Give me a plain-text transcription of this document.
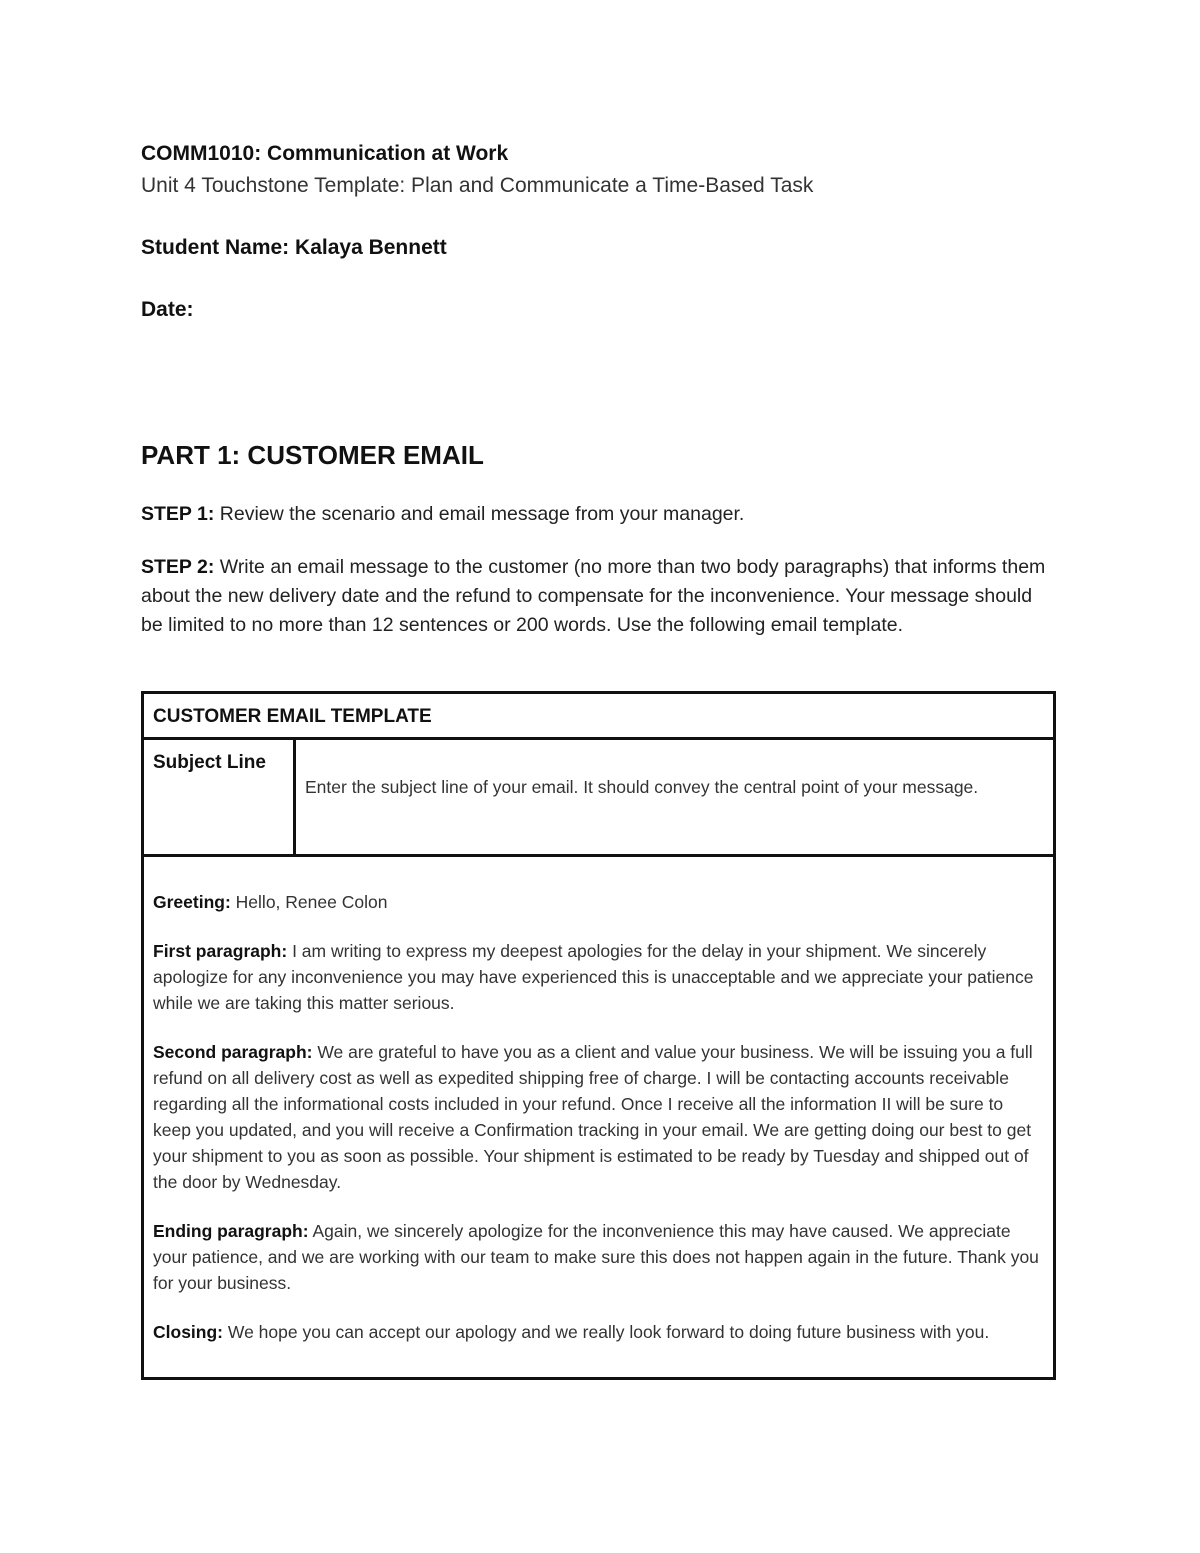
COMM1010: Communication at Work
Unit 4 Touchstone Template: Plan and Communicate a Time-Based Task
Student Name: Kalaya Bennett
Date:
PART 1: CUSTOMER EMAIL
STEP 1: Review the scenario and email message from your manager.
STEP 2: Write an email message to the customer (no more than two body paragraphs) that informs them about the new delivery date and the refund to compensate for the inconvenience. Your message should be limited to no more than 12 sentences or 200 words. Use the following email template.
CUSTOMER EMAIL TEMPLATE
Subject Line
Enter the subject line of your email. It should convey the central point of your message.

Greeting: Hello, Renee Colon

First paragraph: I am writing to express my deepest apologies for the delay in your shipment. We sincerely apologize for any inconvenience you may have experienced this is unacceptable and we appreciate your patience while we are taking this matter serious.

Second paragraph: We are grateful to have you as a client and value your business. We will be issuing you a full refund on all delivery cost as well as expedited shipping free of charge. I will be contacting accounts receivable regarding all the informational costs included in your refund. Once I receive all the information II will be sure to keep you updated, and you will receive a Confirmation tracking in your email. We are getting doing our best to get your shipment to you as soon as possible. Your shipment is estimated to be ready by Tuesday and shipped out of the door by Wednesday.

Ending paragraph: Again, we sincerely apologize for the inconvenience this may have caused. We appreciate your patience, and we are working with our team to make sure this does not happen again in the future. Thank you for your business.

Closing: We hope you can accept our apology and we really look forward to doing future business with you.
